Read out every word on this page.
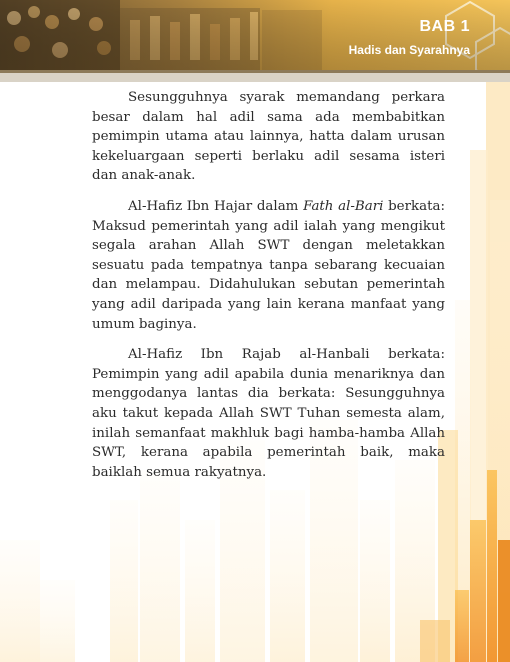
BAB 1
Hadis dan Syarahnya

Sesungguhnya syarak memandang perkara besar dalam hal adil sama ada membabitkan pemimpin utama atau lainnya, hatta dalam urusan kekeluargaan seperti berlaku adil sesama isteri dan anak-anak.

Al-Hafiz Ibn Hajar dalam Fath al-Bari berkata: Maksud pemerintah yang adil ialah yang mengikut segala arahan Allah SWT dengan meletakkan sesuatu pada tempatnya tanpa sebarang kecuaian dan melampau. Didahulukan sebutan pemerintah yang adil daripada yang lain kerana manfaat yang umum baginya.

Al-Hafiz Ibn Rajab al-Hanbali berkata: Pemimpin yang adil apabila dunia menariknya dan menggodanya lantas dia berkata: Sesungguhnya aku takut kepada Allah SWT Tuhan semesta alam, inilah semanfaat makhluk bagi hamba-hamba Allah SWT, kerana apabila pemerintah baik, maka baiklah semua rakyatnya.
